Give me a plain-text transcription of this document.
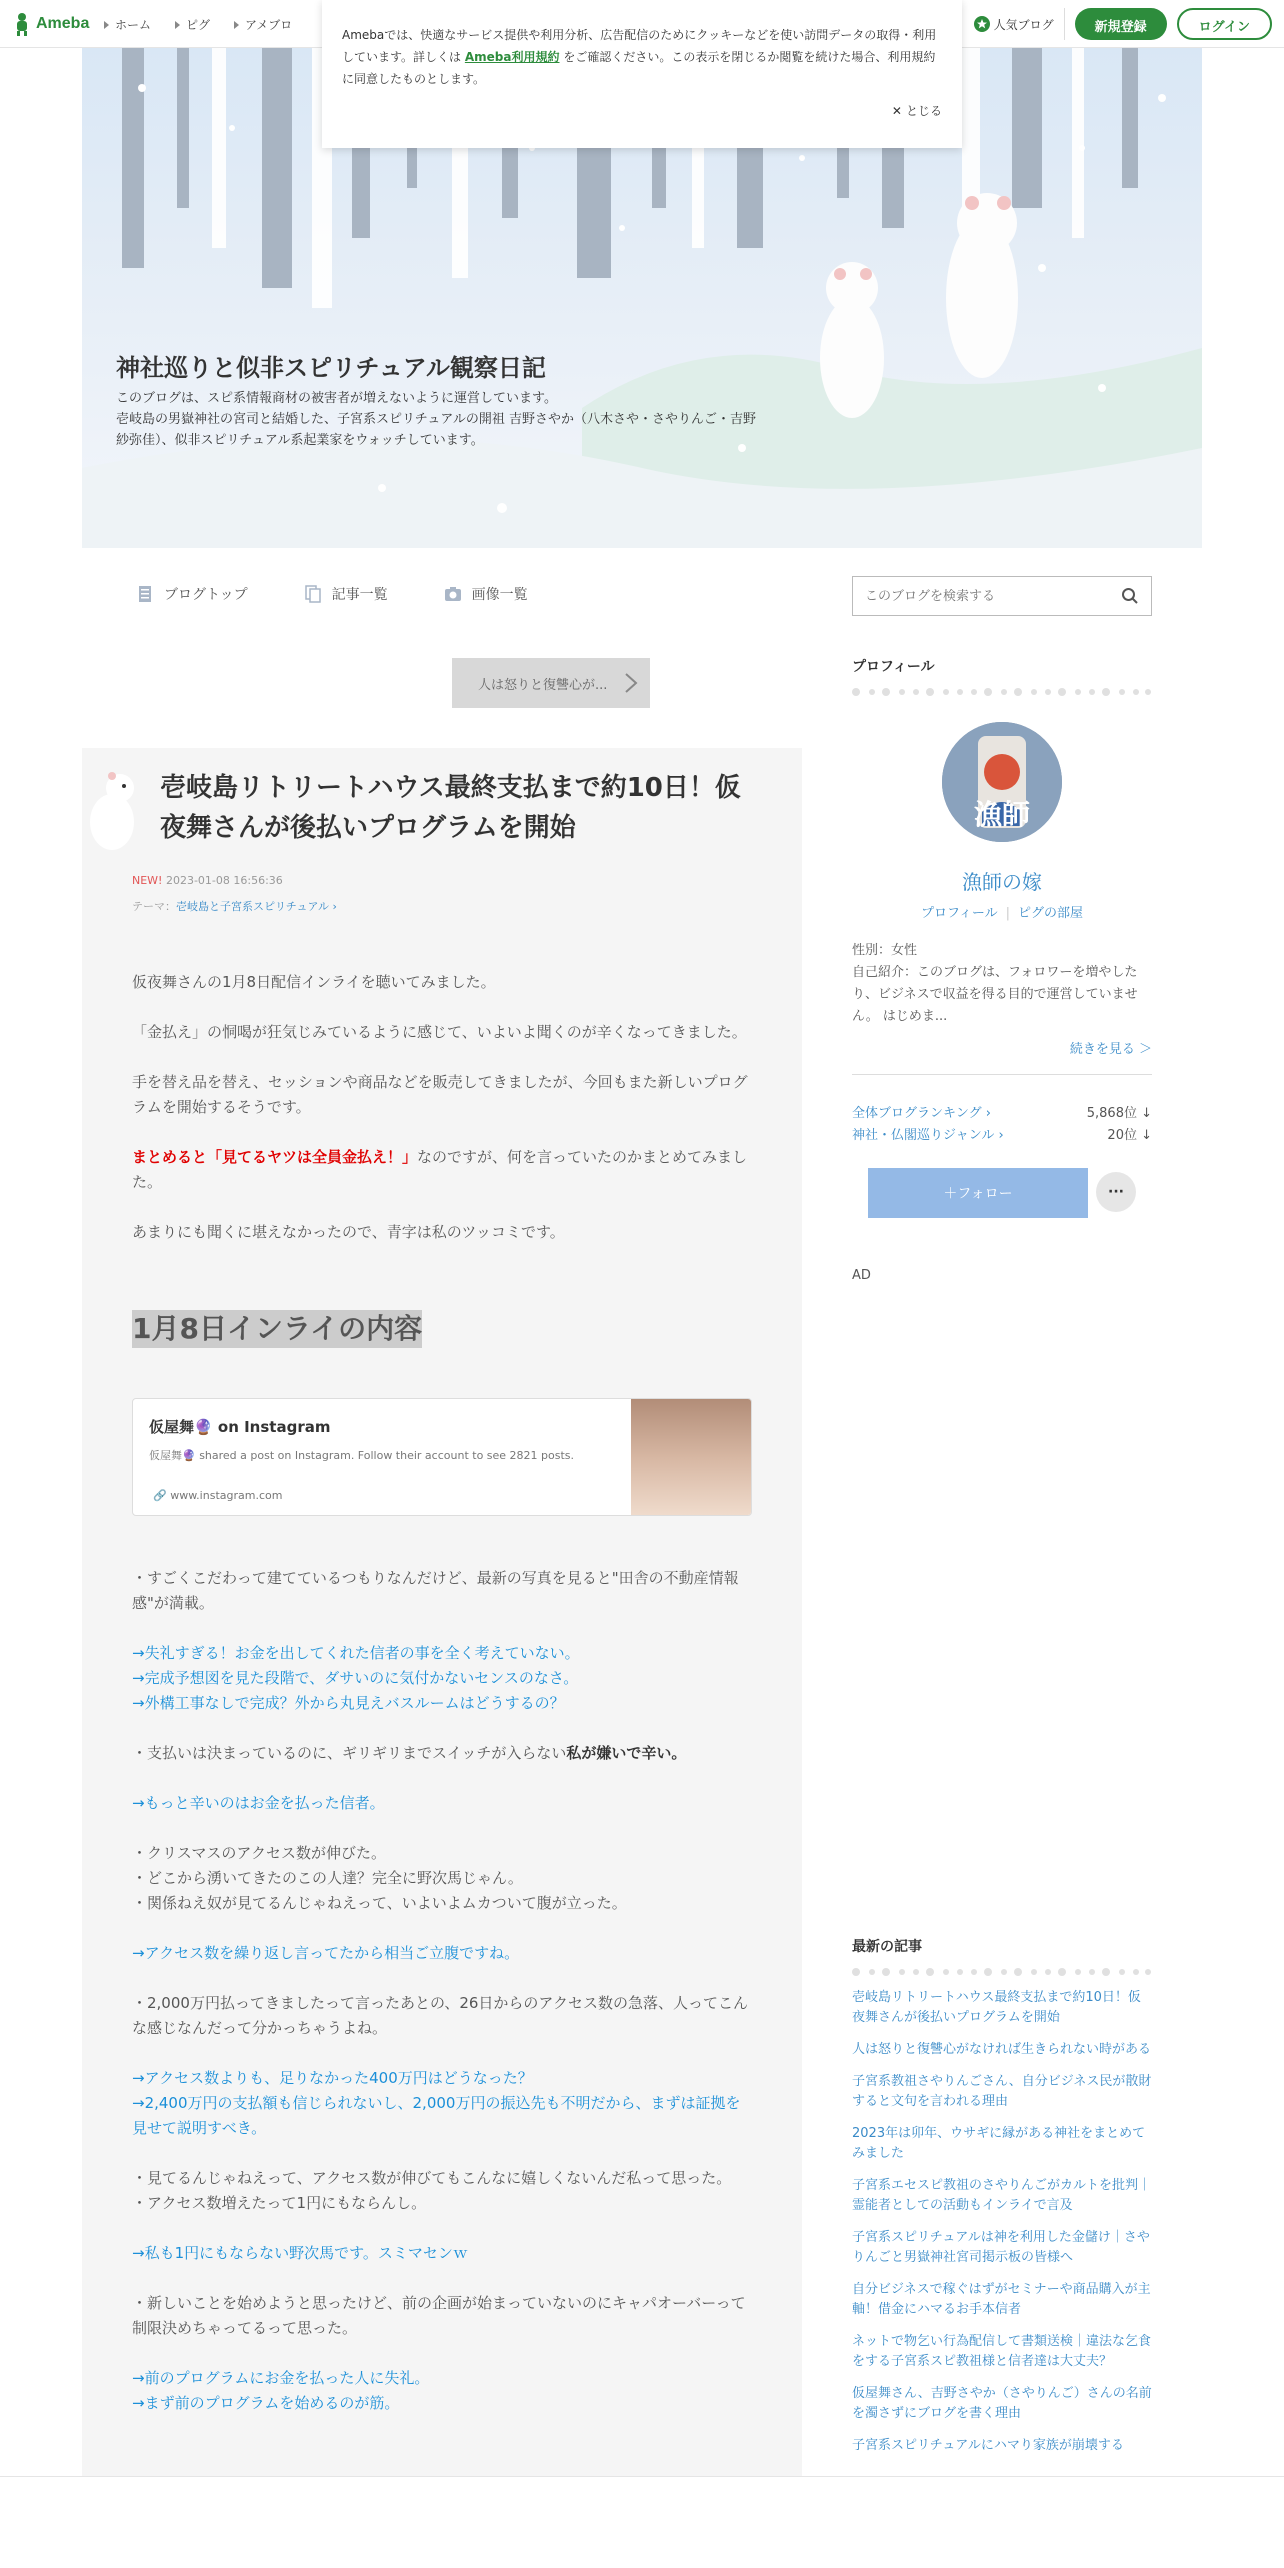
Ameba ホーム	ピグ	アメブロ	人気ブログ	新規登録	ログイン
Amebaでは、快適なサービス提供や利用分析、広告配信のためにクッキーなどを使い訪問データの取得・利用しています。詳しくは Ameba利用規約 をご確認ください。この表示を閉じるか閲覧を続けた場合、利用規約に同意したものとします。
✕ とじる
神社巡りと似非スピリチュアル観察日記
このブログは、スピ系情報商材の被害者が増えないように運営しています。
壱岐島の男嶽神社の宮司と結婚した、子宮系スピリチュアルの開祖 吉野さやか（八木さや・さやりんご・吉野紗弥佳）、似非スピリチュアル系起業家をウォッチしています。
ブログトップ	記事一覧	画像一覧
このブログを検索する
人は怒りと復讐心が...
壱岐島リトリートハウス最終支払まで約10日！仮夜舞さんが後払いプログラムを開始
NEW! 2023-01-08 16:56:36
テーマ：壱岐島と子宮系スピリチュアル ›

仮夜舞さんの1月8日配信インライを聴いてみました。

「金払え」の恫喝が狂気じみているように感じて、いよいよ聞くのが辛くなってきました。

手を替え品を替え、セッションや商品などを販売してきましたが、今回もまた新しいプログラムを開始するそうです。

まとめると「見てるヤツは全員金払え！」なのですが、何を言っていたのかまとめてみました。

あまりにも聞くに堪えなかったので、青字は私のツッコミです。

1月8日インライの内容
仮屋舞🔮 on Instagram
仮屋舞🔮 shared a post on Instagram. Follow their account to see 2821 posts.
🔗 www.instagram.com

・すごくこだわって建てているつもりなんだけど、最新の写真を見ると"田舎の不動産情報感"が満載。

→失礼すぎる！お金を出してくれた信者の事を全く考えていない。
→完成予想図を見た段階で、ダサいのに気付かないセンスのなさ。
→外構工事なしで完成？外から丸見えバスルームはどうするの？

・支払いは決まっているのに、ギリギリまでスイッチが入らない私が嫌いで辛い。

→もっと辛いのはお金を払った信者。

・クリスマスのアクセス数が伸びた。
・どこから湧いてきたのこの人達？完全に野次馬じゃん。
・関係ねえ奴が見てるんじゃねえって、いよいよムカついて腹が立った。

→アクセス数を繰り返し言ってたから相当ご立腹ですね。

・2,000万円払ってきましたって言ったあとの、26日からのアクセス数の急落、人ってこんな感じなんだって分かっちゃうよね。

→アクセス数よりも、足りなかった400万円はどうなった？
→2,400万円の支払額も信じられないし、2,000万円の振込先も不明だから、まずは証拠を見せて説明すべき。

・見てるんじゃねえって、アクセス数が伸びてもこんなに嬉しくないんだ私って思った。
・アクセス数増えたって1円にもならんし。

→私も1円にもならない野次馬です。スミマセンｗ

・新しいことを始めようと思ったけど、前の企画が始まっていないのにキャパオーバーって制限決めちゃってるって思った。

→前のプログラムにお金を払った人に失礼。
→まず前のプログラムを始めるのが筋。

プロフィール
漁師
漁師の嫁
プロフィール | ピグの部屋
性別：女性
自己紹介：このブログは、フォロワーを増やしたり、ビジネスで収益を得る目的で運営していません。 はじめま...
続きを見る ＞
全体ブログランキング ›	5,868位 ↓
神社・仏閣巡りジャンル ›	20位 ↓
＋フォロー	···
AD
最新の記事
壱岐島リトリートハウス最終支払まで約10日！仮夜舞さんが後払いプログラムを開始
人は怒りと復讐心がなければ生きられない時がある
子宮系教祖さやりんごさん、自分ビジネス民が散財すると文句を言われる理由
2023年は卯年、ウサギに縁がある神社をまとめてみました
子宮系エセスピ教祖のさやりんごがカルトを批判｜霊能者としての活動もインライで言及
子宮系スピリチュアルは神を利用した金儲け｜さやりんごと男嶽神社宮司掲示板の皆様へ
自分ビジネスで稼ぐはずがセミナーや商品購入が主軸！借金にハマるお手本信者
ネットで物乞い行為配信して書類送検｜違法な乞食をする子宮系スピ教祖様と信者達は大丈夫？
仮屋舞さん、吉野さやか（さやりんご）さんの名前を濁さずにブログを書く理由
子宮系スピリチュアルにハマり家族が崩壊する
